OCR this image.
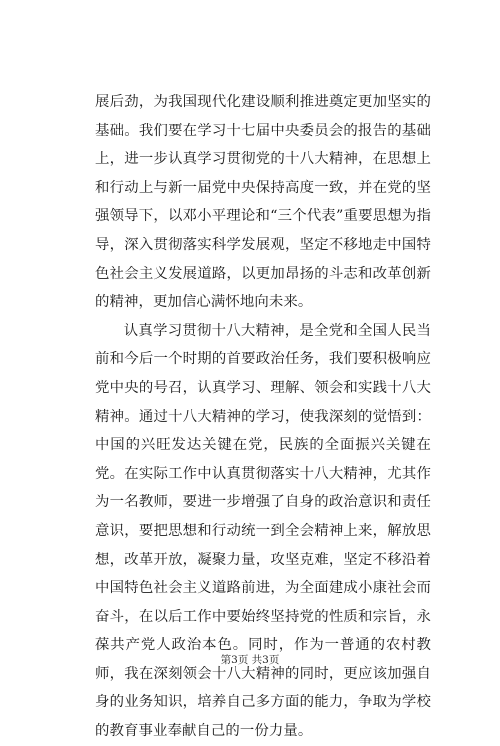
展后劲，为我国现代化建设顺利推进奠定更加坚实的基础。我们要在学习十七届中央委员会的报告的基础上，进一步认真学习贯彻党的十八大精神，在思想上和行动上与新一届党中央保持高度一致，并在党的坚强领导下，以邓小平理论和“三个代表”重要思想为指导，深入贯彻落实科学发展观，坚定不移地走中国特色社会主义发展道路，以更加昂扬的斗志和改革创新的精神，更加信心满怀地向未来。

认真学习贯彻十八大精神，是全党和全国人民当前和今后一个时期的首要政治任务，我们要积极响应党中央的号召，认真学习、理解、领会和实践十八大精神。通过十八大精神的学习，使我深刻的觉悟到：中国的兴旺发达关键在党，民族的全面振兴关键在党。在实际工作中认真贯彻落实十八大精神，尤其作为一名教师，要进一步增强了自身的政治意识和责任意识，要把思想和行动统一到全会精神上来，解放思想，改革开放，凝聚力量，攻坚克难，坚定不移沿着中国特色社会主义道路前进，为全面建成小康社会而奋斗，在以后工作中要始终坚持党的性质和宗旨，永葆共产党人政治本色。同时，作为一普通的农村教师，我在深刻领会十八大精神的同时，更应该加强自身的业务知识，培养自己多方面的能力，争取为学校的教育事业奉献自己的一份力量。

第3页 共3页
